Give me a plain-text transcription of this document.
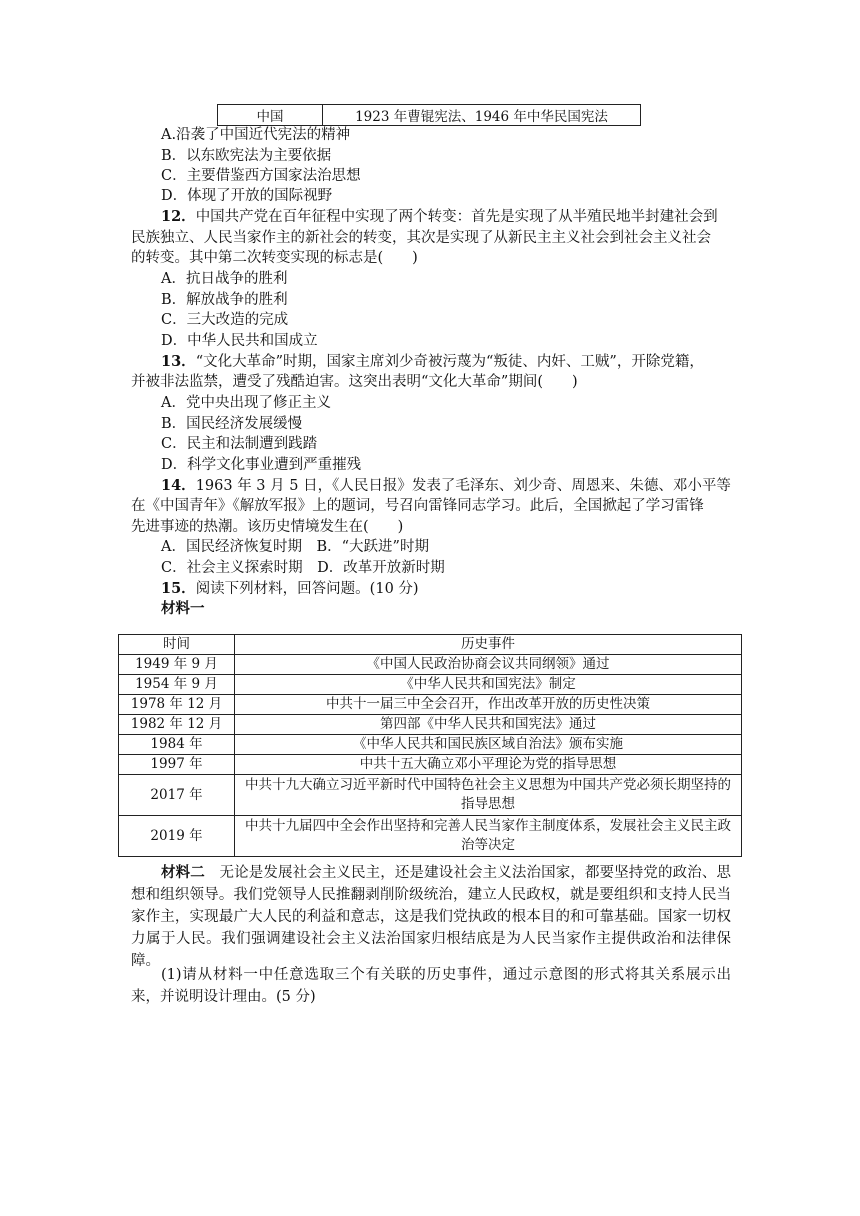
中国	1923 年曹锟宪法、1946 年中华民国宪法
A.沿袭了中国近代宪法的精神
B．以东欧宪法为主要依据
C．主要借鉴西方国家法治思想
D．体现了开放的国际视野
12．中国共产党在百年征程中实现了两个转变：首先是实现了从半殖民地半封建社会到
民族独立、人民当家作主的新社会的转变，其次是实现了从新民主主义社会到社会主义社会
的转变。其中第二次转变实现的标志是(　　)
A．抗日战争的胜利
B．解放战争的胜利
C．三大改造的完成
D．中华人民共和国成立
13．“文化大革命”时期，国家主席刘少奇被污蔑为“叛徒、内奸、工贼”，开除党籍，
并被非法监禁，遭受了残酷迫害。这突出表明“文化大革命”期间(　　)
A．党中央出现了修正主义
B．国民经济发展缓慢
C．民主和法制遭到践踏
D．科学文化事业遭到严重摧残
14．1963 年 3 月 5 日，《人民日报》发表了毛泽东、刘少奇、周恩来、朱德、邓小平等
在《中国青年》《解放军报》上的题词，号召向雷锋同志学习。此后，全国掀起了学习雷锋
先进事迹的热潮。该历史情境发生在(　　)
A．国民经济恢复时期　B．“大跃进”时期
C．社会主义探索时期　D．改革开放新时期
15．阅读下列材料，回答问题。(10 分)
材料一
时间	历史事件
1949 年 9 月	《中国人民政治协商会议共同纲领》通过
1954 年 9 月	《中华人民共和国宪法》制定
1978 年 12 月	中共十一届三中全会召开，作出改革开放的历史性决策
1982 年 12 月	第四部《中华人民共和国宪法》通过
1984 年	《中华人民共和国民族区域自治法》颁布实施
1997 年	中共十五大确立邓小平理论为党的指导思想
2017 年	中共十九大确立习近平新时代中国特色社会主义思想为中国共产党必须长期坚持的指导思想
2019 年	中共十九届四中全会作出坚持和完善人民当家作主制度体系，发展社会主义民主政治等决定
材料二　 无论是发展社会主义民主，还是建设社会主义法治国家，都要坚持党的政治、思想和组织领导。我们党领导人民推翻剥削阶级统治，建立人民政权，就是要组织和支持人民当家作主，实现最广大人民的利益和意志，这是我们党执政的根本目的和可靠基础。国家一切权力属于人民。我们强调建设社会主义法治国家归根结底是为人民当家作主提供政治和法律保障。
(1)请从材料一中任意选取三个有关联的历史事件，通过示意图的形式将其关系展示出来，并说明设计理由。(5 分)
